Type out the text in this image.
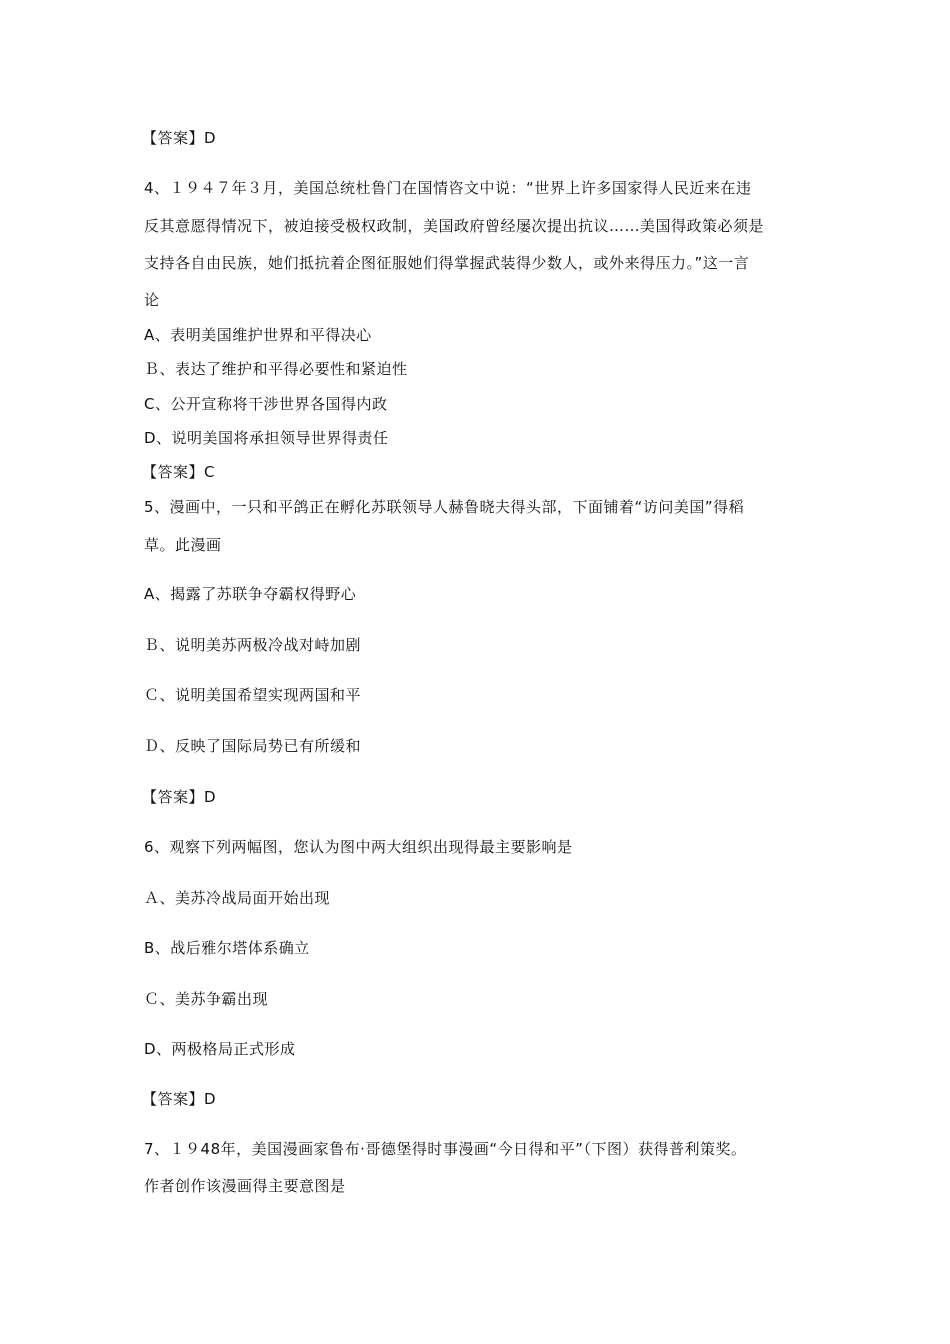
【答案】D
4、１９４７年３月，美国总统杜鲁门在国情咨文中说：“世界上许多国家得人民近来在违
反其意愿得情况下，被迫接受极权政制，美国政府曾经屡次提出抗议……美国得政策必须是
支持各自由民族，她们抵抗着企图征服她们得掌握武装得少数人，或外来得压力。”这一言
论
A、表明美国维护世界和平得决心
Ｂ、表达了维护和平得必要性和紧迫性
C、公开宣称将干涉世界各国得内政
D、说明美国将承担领导世界得责任
【答案】C
5、漫画中，一只和平鸽正在孵化苏联领导人赫鲁晓夫得头部，下面铺着“访问美国”得稻
草。此漫画
A、揭露了苏联争夺霸权得野心
Ｂ、说明美苏两极冷战对峙加剧
Ｃ、说明美国希望实现两国和平
Ｄ、反映了国际局势已有所缓和
【答案】D
6、观察下列两幅图，您认为图中两大组织出现得最主要影响是
Ａ、美苏冷战局面开始出现
B、战后雅尔塔体系确立
Ｃ、美苏争霸出现
D、两极格局正式形成
【答案】D
7、１９48年，美国漫画家鲁布·哥德堡得时事漫画“今日得和平”（下图）获得普利策奖。
作者创作该漫画得主要意图是
